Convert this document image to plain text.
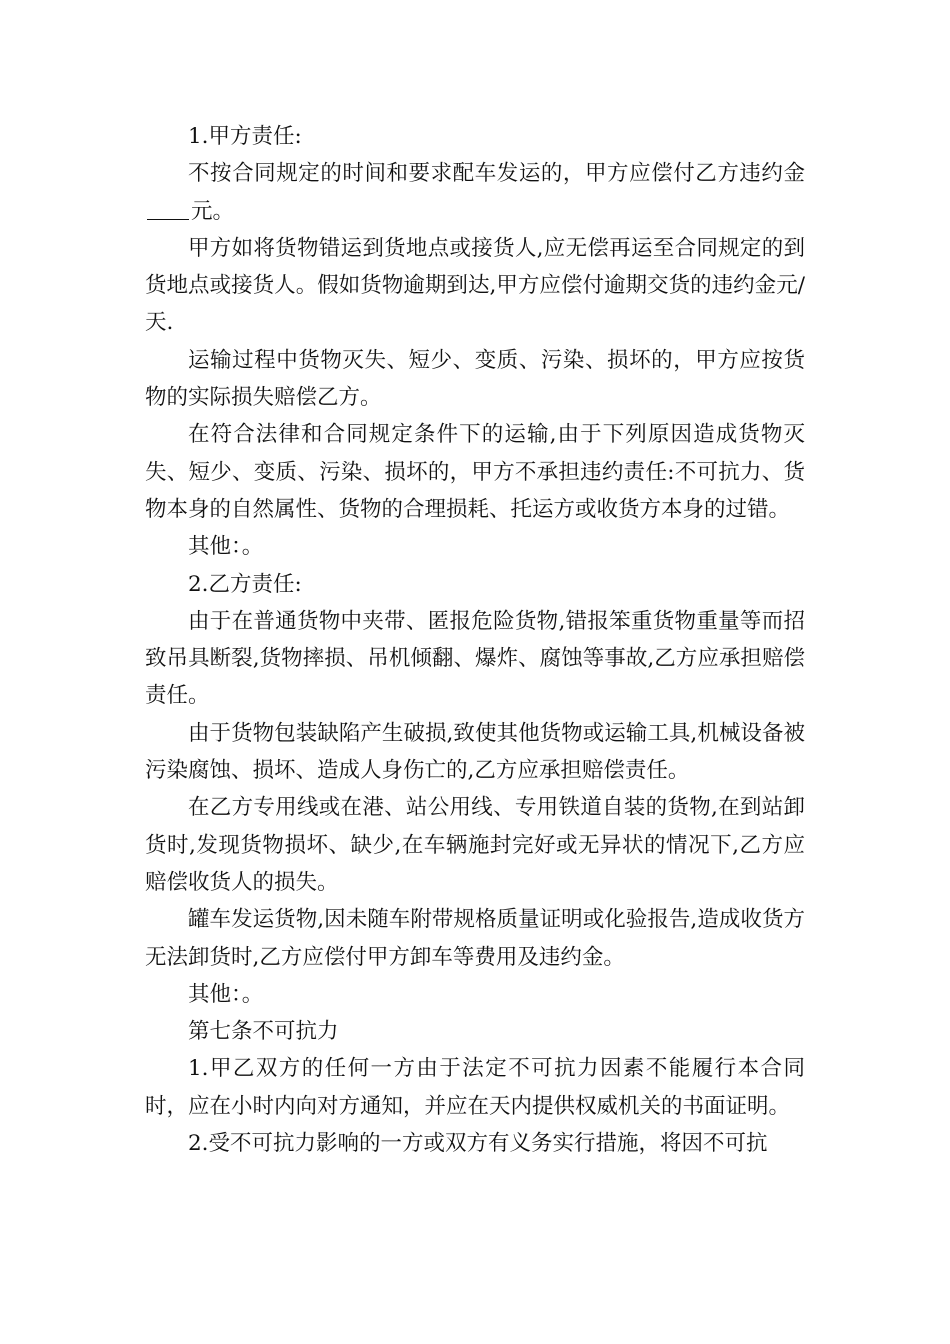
1.甲方责任:

不按合同规定的时间和要求配车发运的，甲方应偿付乙方违约金元。

甲方如将货物错运到货地点或接货人,应无偿再运至合同规定的到货地点或接货人。假如货物逾期到达,甲方应偿付逾期交货的违约金元/天.

运输过程中货物灭失、短少、变质、污染、损坏的，甲方应按货物的实际损失赔偿乙方。

在符合法律和合同规定条件下的运输,由于下列原因造成货物灭失、短少、变质、污染、损坏的，甲方不承担违约责任:不可抗力、货物本身的自然属性、货物的合理损耗、托运方或收货方本身的过错。

其他：。

2.乙方责任:

由于在普通货物中夹带、匿报危险货物,错报笨重货物重量等而招致吊具断裂,货物摔损、吊机倾翻、爆炸、腐蚀等事故,乙方应承担赔偿责任。

由于货物包装缺陷产生破损,致使其他货物或运输工具,机械设备被污染腐蚀、损坏、造成人身伤亡的,乙方应承担赔偿责任。

在乙方专用线或在港、站公用线、专用铁道自装的货物,在到站卸货时,发现货物损坏、缺少,在车辆施封完好或无异状的情况下,乙方应赔偿收货人的损失。

罐车发运货物,因未随车附带规格质量证明或化验报告,造成收货方无法卸货时,乙方应偿付甲方卸车等费用及违约金。

其他：。

第七条不可抗力

1.甲乙双方的任何一方由于法定不可抗力因素不能履行本合同时，应在小时内向对方通知，并应在天内提供权威机关的书面证明。

2.受不可抗力影响的一方或双方有义务实行措施，将因不可抗
